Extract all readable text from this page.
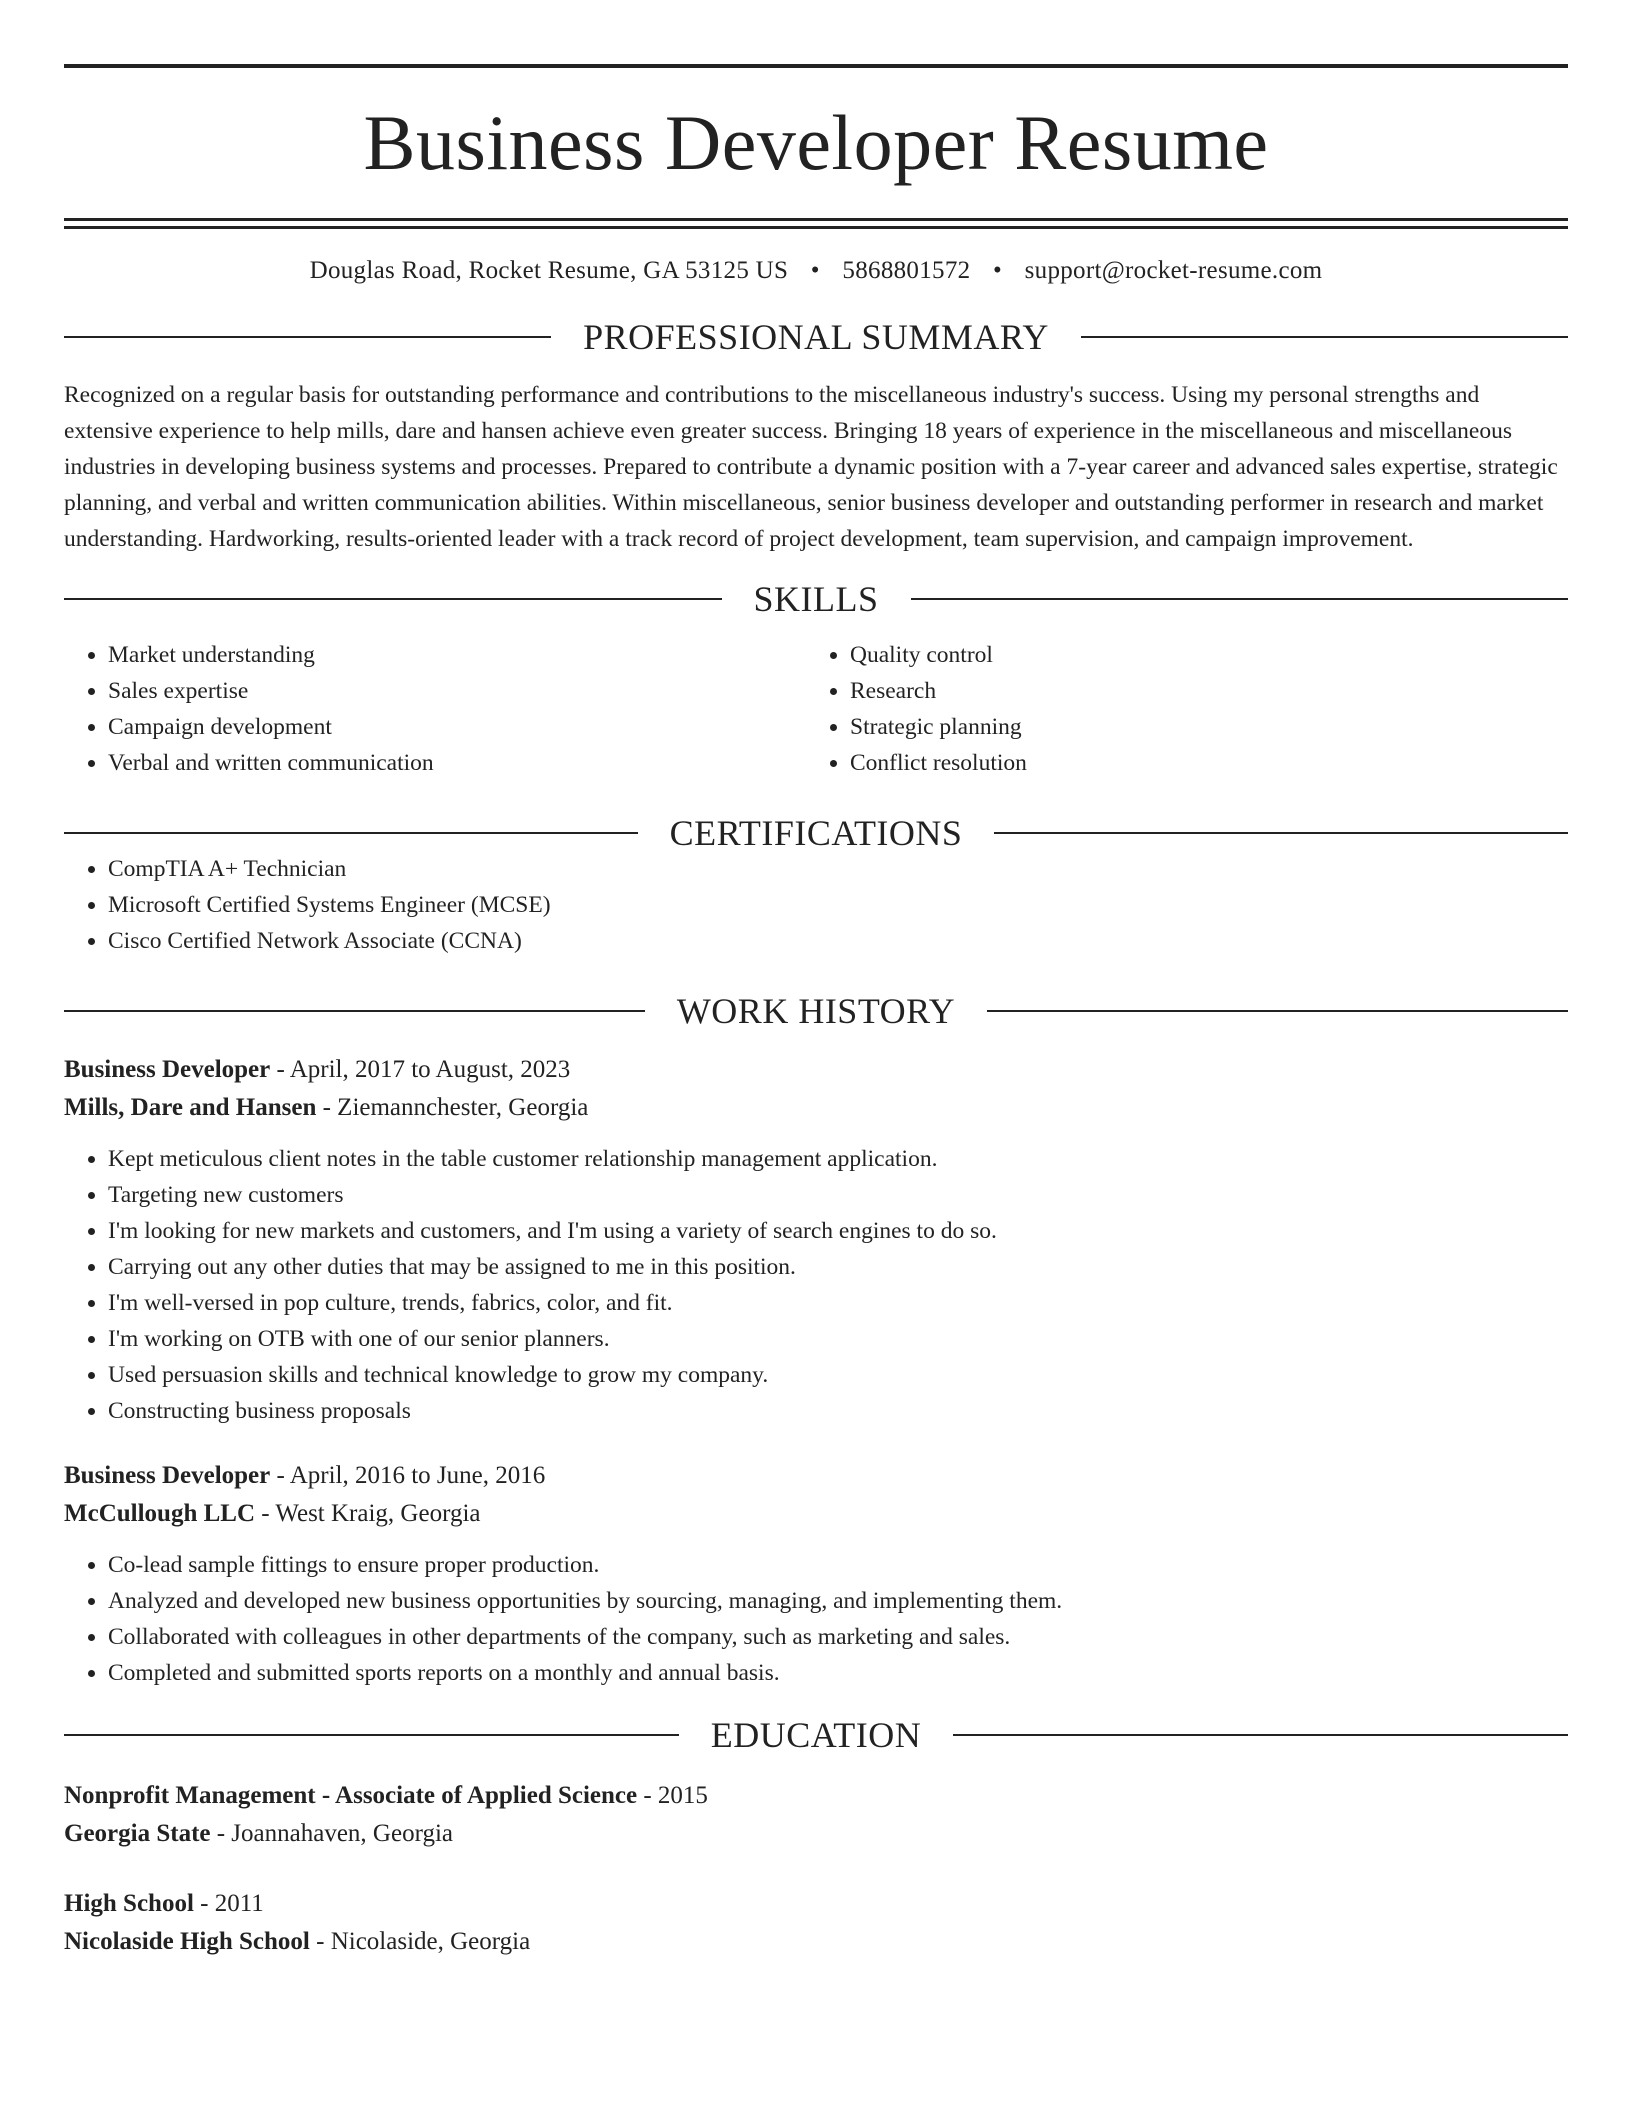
Business Developer Resume
Douglas Road, Rocket Resume, GA 53125 US • 5868801572 • support@rocket-resume.com
PROFESSIONAL SUMMARY

Recognized on a regular basis for outstanding performance and contributions to the miscellaneous industry's success. Using my personal strengths and extensive experience to help mills, dare and hansen achieve even greater success. Bringing 18 years of experience in the miscellaneous and miscellaneous industries in developing business systems and processes. Prepared to contribute a dynamic position with a 7-year career and advanced sales expertise, strategic planning, and verbal and written communication abilities. Within miscellaneous, senior business developer and outstanding performer in research and market understanding. Hardworking, results-oriented leader with a track record of project development, team supervision, and campaign improvement.

SKILLS
• Market understanding
• Sales expertise
• Campaign development
• Verbal and written communication
• Quality control
• Research
• Strategic planning
• Conflict resolution
CERTIFICATIONS
• CompTIA A+ Technician
• Microsoft Certified Systems Engineer (MCSE)
• Cisco Certified Network Associate (CCNA)
WORK HISTORY
Business Developer - April, 2017 to August, 2023
Mills, Dare and Hansen - Ziemannchester, Georgia
• Kept meticulous client notes in the table customer relationship management application.
• Targeting new customers
• I'm looking for new markets and customers, and I'm using a variety of search engines to do so.
• Carrying out any other duties that may be assigned to me in this position.
• I'm well-versed in pop culture, trends, fabrics, color, and fit.
• I'm working on OTB with one of our senior planners.
• Used persuasion skills and technical knowledge to grow my company.
• Constructing business proposals
Business Developer - April, 2016 to June, 2016
McCullough LLC - West Kraig, Georgia
• Co-lead sample fittings to ensure proper production.
• Analyzed and developed new business opportunities by sourcing, managing, and implementing them.
• Collaborated with colleagues in other departments of the company, such as marketing and sales.
• Completed and submitted sports reports on a monthly and annual basis.
EDUCATION
Nonprofit Management - Associate of Applied Science - 2015
Georgia State - Joannahaven, Georgia
High School - 2011
Nicolaside High School - Nicolaside, Georgia
